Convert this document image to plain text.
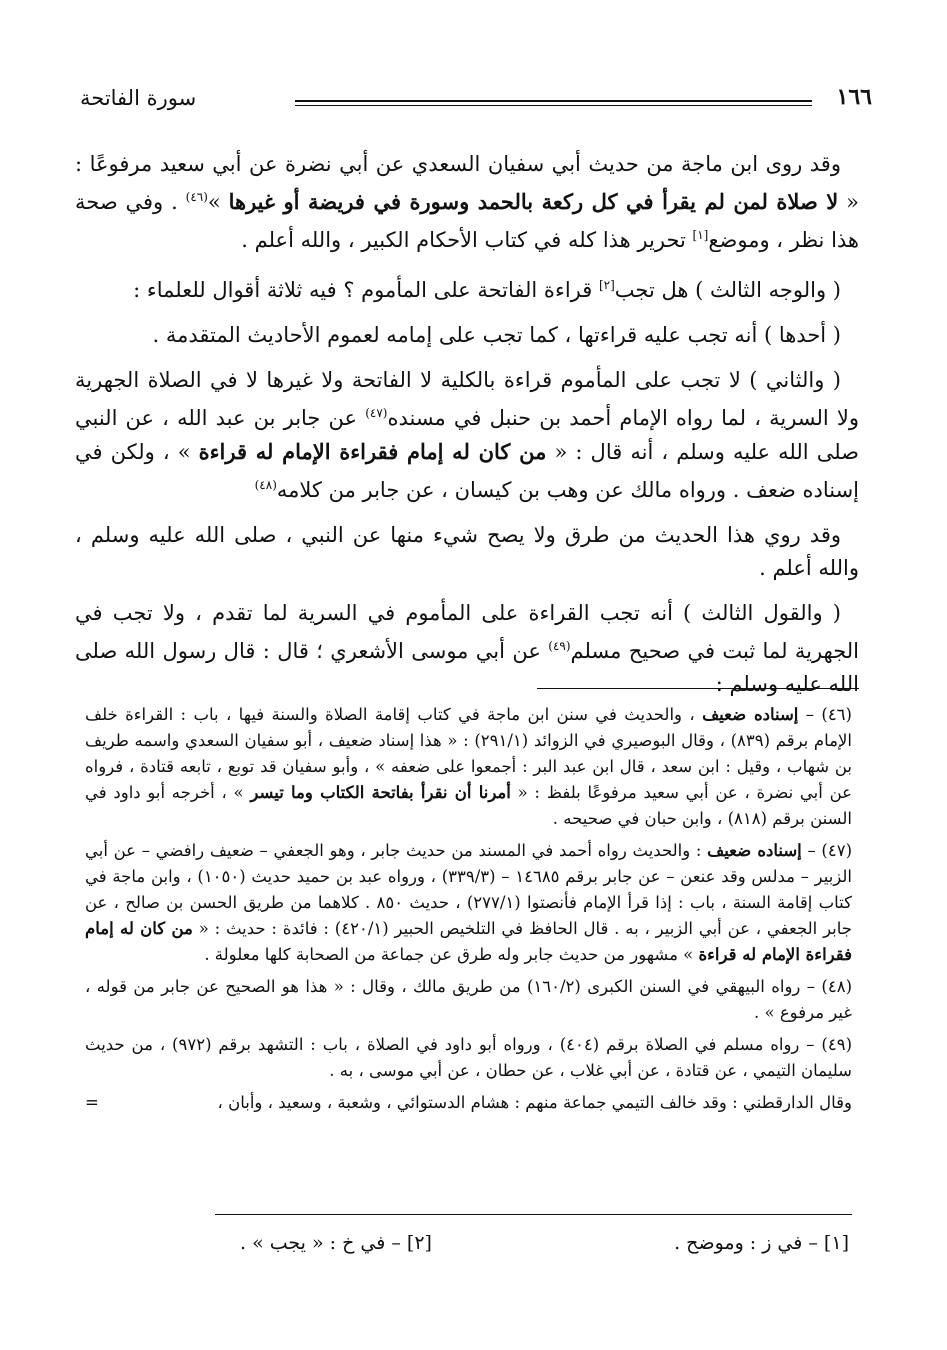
١٦٦
سورة الفاتحة

وقد روى ابن ماجة من حديث أبي سفيان السعدي عن أبي نضرة عن أبي سعيد مرفوعًا : « لا صلاة لمن لم يقرأ في كل ركعة بالحمد وسورة في فريضة أو غيرها »$^{(٤٦)}$ . وفي صحة هذا نظر ، وموضع[١] تحرير هذا كله في كتاب الأحكام الكبير ، والله أعلم .

( والوجه الثالث ) هل تجب[٢] قراءة الفاتحة على المأموم ؟ فيه ثلاثة أقوال للعلماء :

( أحدها ) أنه تجب عليه قراءتها ، كما تجب على إمامه لعموم الأحاديث المتقدمة .

( والثاني ) لا تجب على المأموم قراءة بالكلية لا الفاتحة ولا غيرها لا في الصلاة الجهرية ولا السرية ، لما رواه الإمام أحمد بن حنبل في مسنده$^{(٤٧)}$ عن جابر بن عبد الله ، عن النبي صلى الله عليه وسلم ، أنه قال : « من كان له إمام فقراءة الإمام له قراءة » ، ولكن في إسناده ضعف . ورواه مالك عن وهب بن كيسان ، عن جابر من كلامه$^{(٤٨)}$

وقد روي هذا الحديث من طرق ولا يصح شيء منها عن النبي ، صلى الله عليه وسلم ، والله أعلم .

( والقول الثالث ) أنه تجب القراءة على المأموم في السرية لما تقدم ، ولا تجب في الجهرية لما ثبت في صحيح مسلم$^{(٤٩)}$ عن أبي موسى الأشعري ؛ قال : قال رسول الله صلى الله عليه وسلم :

(٤٦) – إسناده ضعيف ، والحديث في سنن ابن ماجة في كتاب إقامة الصلاة والسنة فيها ، باب : القراءة خلف الإمام برقم (٨٣٩) ، وقال البوصيري في الزوائد (٢٩١/١) : « هذا إسناد ضعيف ، أبو سفيان السعدي واسمه طريف بن شهاب ، وقيل : ابن سعد ، قال ابن عبد البر : أجمعوا على ضعفه » ، وأبو سفيان قد توبع ، تابعه قتادة ، فرواه عن أبي نضرة ، عن أبي سعيد مرفوعًا بلفظ : « أمرنا أن نقرأ بفاتحة الكتاب وما تيسر » ، أخرجه أبو داود في السنن برقم (٨١٨) ، وابن حبان في صحيحه .

(٤٧) – إسناده ضعيف : والحديث رواه أحمد في المسند من حديث جابر ، وهو الجعفي – ضعيف رافضي – عن أبي الزبير – مدلس وقد عنعن – عن جابر برقم ١٤٦٨٥ – (٣٣٩/٣) ، ورواه عبد بن حميد حديث (١٠٥٠) ، وابن ماجة في كتاب إقامة السنة ، باب : إذا قرأ الإمام فأنصتوا (٢٧٧/١) ، حديث ٨٥٠ . كلاهما من طريق الحسن بن صالح ، عن جابر الجعفي ، عن أبي الزبير ، به . قال الحافظ في التلخيص الحبير (٤٢٠/١) : فائدة : حديث : « من كان له إمام فقراءة الإمام له قراءة » مشهور من حديث جابر وله طرق عن جماعة من الصحابة كلها معلولة .

(٤٨) – رواه البيهقي في السنن الكبرى (١٦٠/٢) من طريق مالك ، وقال : « هذا هو الصحيح عن جابر من قوله ، غير مرفوع » .

(٤٩) – رواه مسلم في الصلاة برقم (٤٠٤) ، ورواه أبو داود في الصلاة ، باب : التشهد برقم (٩٧٢) ، من حديث سليمان التيمي ، عن قتادة ، عن أبي غلاب ، عن حطان ، عن أبي موسى ، به .

وقال الدارقطني : وقد خالف التيمي جماعة منهم : هشام الدستوائي ، وشعبة ، وسعيد ، وأبان ،
=

[١] – في ز : وموضح .
[٢] – في خ : « يجب » .
